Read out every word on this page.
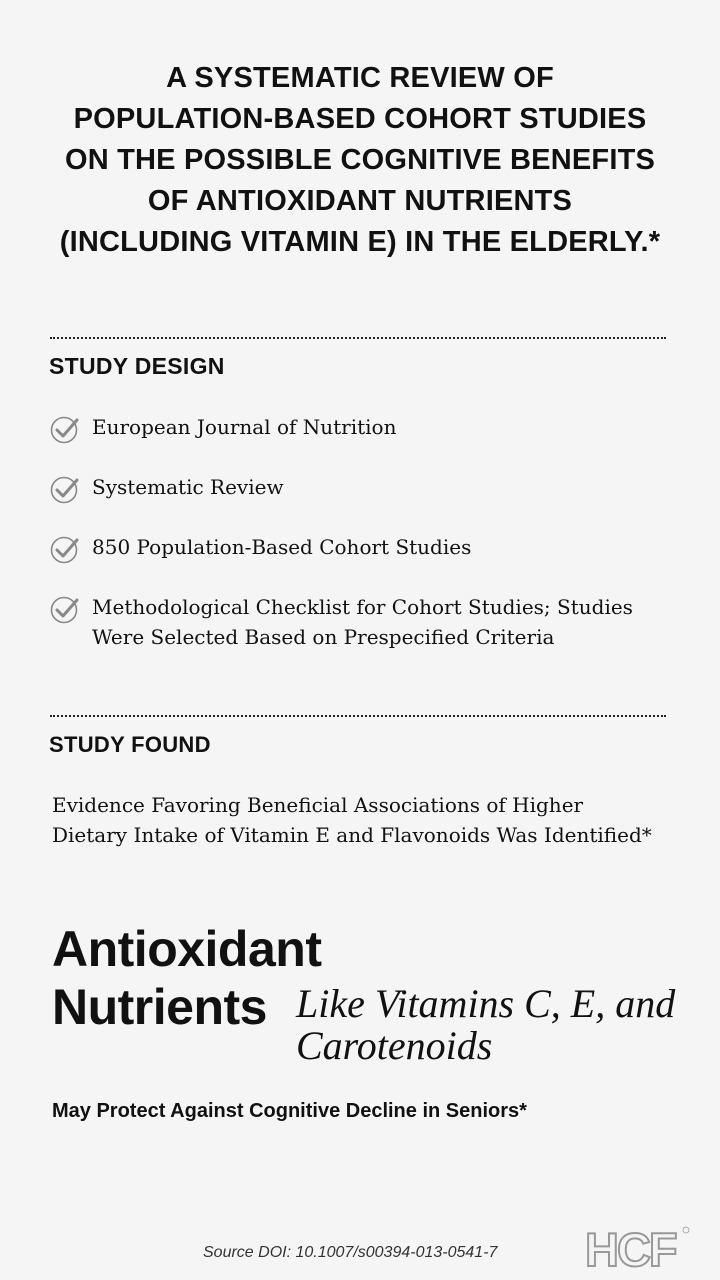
A SYSTEMATIC REVIEW OF
POPULATION-BASED COHORT STUDIES
ON THE POSSIBLE COGNITIVE BENEFITS
OF ANTIOXIDANT NUTRIENTS
(INCLUDING VITAMIN E) IN THE ELDERLY.*
STUDY DESIGN
European Journal of Nutrition
Systematic Review
850 Population-Based Cohort Studies
Methodological Checklist for Cohort Studies; Studies Were Selected Based on Prespecified Criteria
STUDY FOUND
Evidence Favoring Beneficial Associations of Higher Dietary Intake of Vitamin E and Flavonoids Was Identified*
Antioxidant
Nutrients Like Vitamins C, E, and Carotenoids
May Protect Against Cognitive Decline in Seniors*
Source DOI: 10.1007/s00394-013-0541-7 HCF
